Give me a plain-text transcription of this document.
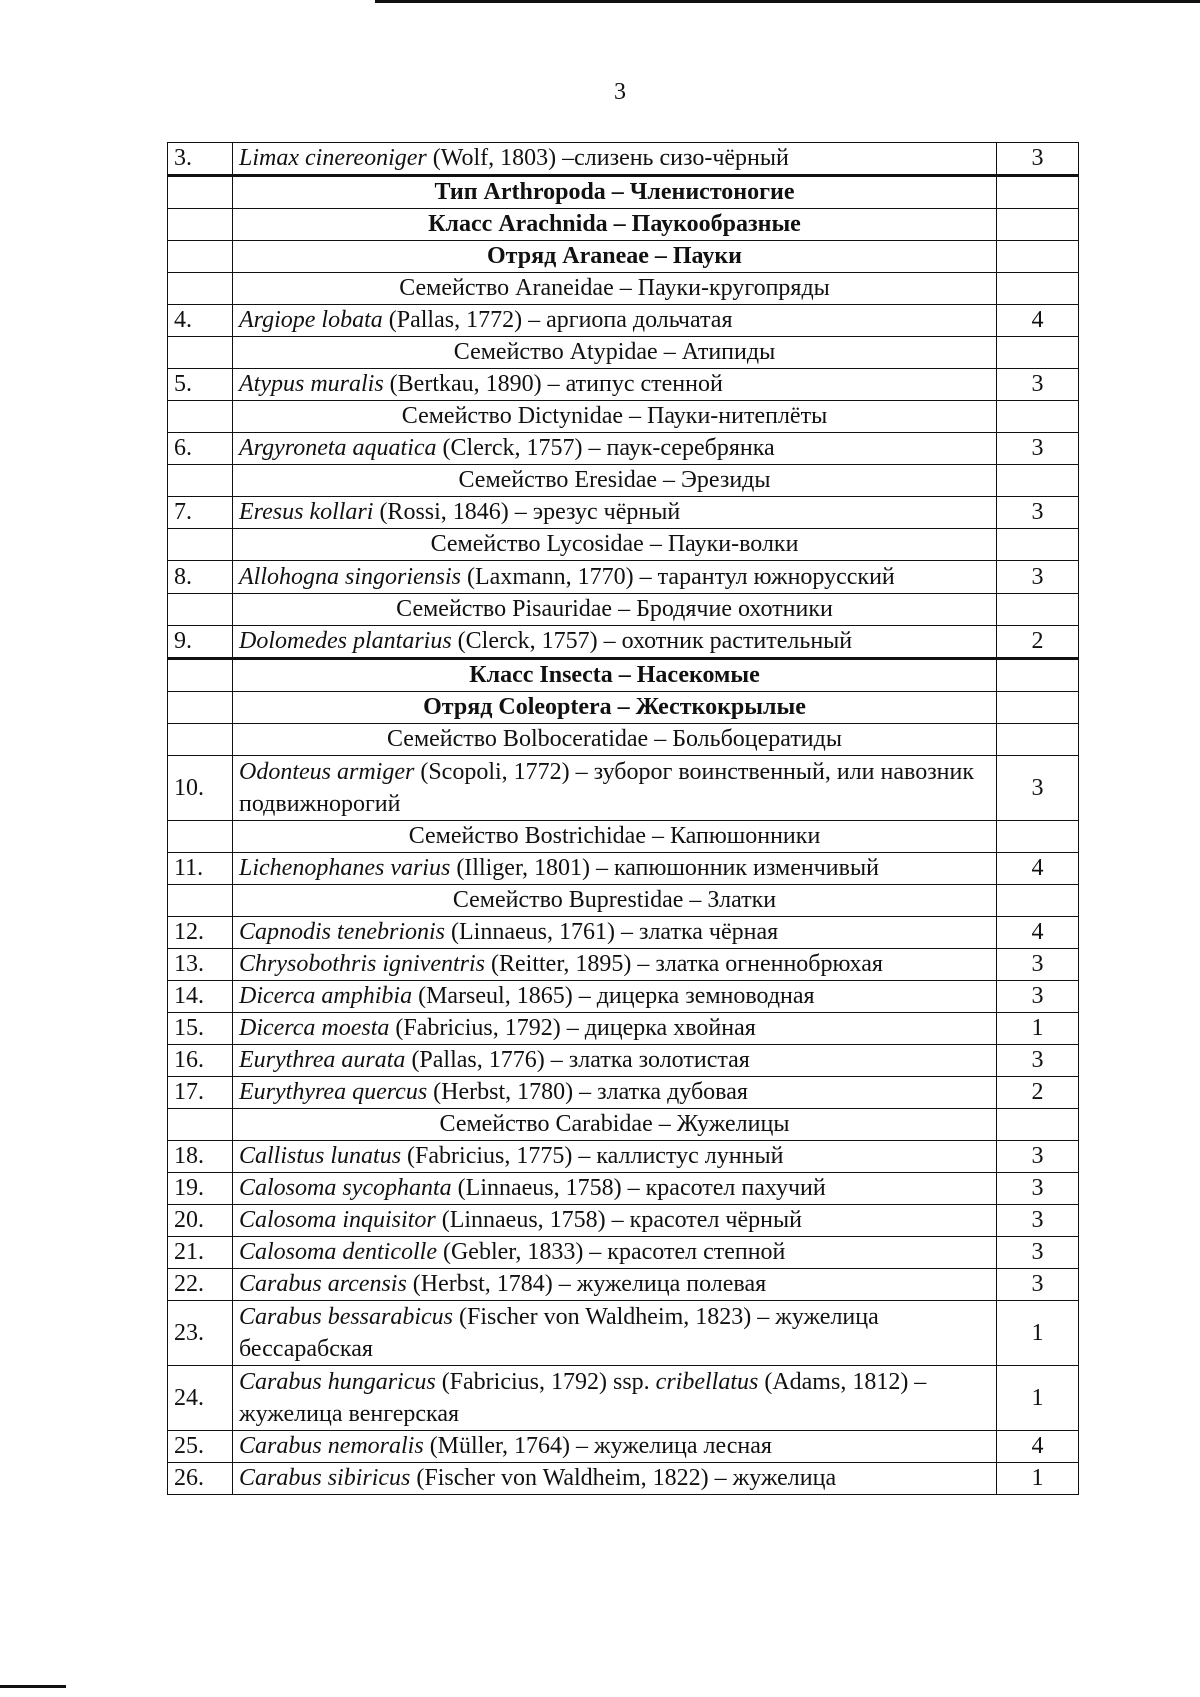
3
3.	Limax cinereoniger (Wolf, 1803) –слизень сизо-чёрный	3
	Тип Arthropoda – Членистоногие	
	Класс Arachnida – Паукообразные	
	Отряд Araneae – Пауки	
	Семейство Araneidae – Пауки-кругопряды	
4.	Argiope lobata (Pallas, 1772) – аргиопа дольчатая	4
	Семейство Atypidae – Атипиды	
5.	Atypus muralis (Bertkau, 1890) – атипус стенной	3
	Семейство Dictynidae – Пауки-нитеплёты	
6.	Argyroneta aquatica (Clerck, 1757) – паук-серебрянка	3
	Семейство Eresidae – Эрезиды	
7.	Eresus kollari (Rossi, 1846) – эрезус чёрный	3
	Семейство Lycosidae – Пауки-волки	
8.	Allohogna singoriensis (Laxmann, 1770) – тарантул южнорусский	3
	Семейство Pisauridae – Бродячие охотники	
9.	Dolomedes plantarius (Clerck, 1757) – охотник растительный	2
	Класс Insecta – Насекомые	
	Отряд Coleoptera – Жесткокрылые	
	Семейство Bolboceratidae – Больбоцератиды	
10.	Odonteus armiger (Scopoli, 1772) – зуборог воинственный, или навозник подвижнорогий	3
	Семейство Bostrichidae – Капюшонники	
11.	Lichenophanes varius (Illiger, 1801) – капюшонник изменчивый	4
	Семейство Buprestidae – Златки	
12.	Capnodis tenebrionis (Linnaeus, 1761) – златка чёрная	4
13.	Chrysobothris igniventris (Reitter, 1895) – златка огненнобрюхая	3
14.	Dicerca amphibia (Marseul, 1865) – дицерка земноводная	3
15.	Dicerca moesta (Fabricius, 1792) – дицерка хвойная	1
16.	Eurythrea aurata (Pallas, 1776) – златка золотистая	3
17.	Eurythyrea quercus (Herbst, 1780) – златка дубовая	2
	Семейство Carabidae – Жужелицы	
18.	Callistus lunatus (Fabricius, 1775) – каллистус лунный	3
19.	Calosoma sycophanta (Linnaeus, 1758) – красотел пахучий	3
20.	Calosoma inquisitor (Linnaeus, 1758) – красотел чёрный	3
21.	Calosoma denticolle (Gebler, 1833) – красотел степной	3
22.	Carabus arcensis (Herbst, 1784) – жужелица полевая	3
23.	Carabus bessarabicus (Fischer von Waldheim, 1823) – жужелица бессарабская	1
24.	Carabus hungaricus (Fabricius, 1792) ssp. cribellatus (Adams, 1812) – жужелица венгерская	1
25.	Carabus nemoralis (Müller, 1764) – жужелица лесная	4
26.	Carabus sibiricus (Fischer von Waldheim, 1822) – жужелица	1
